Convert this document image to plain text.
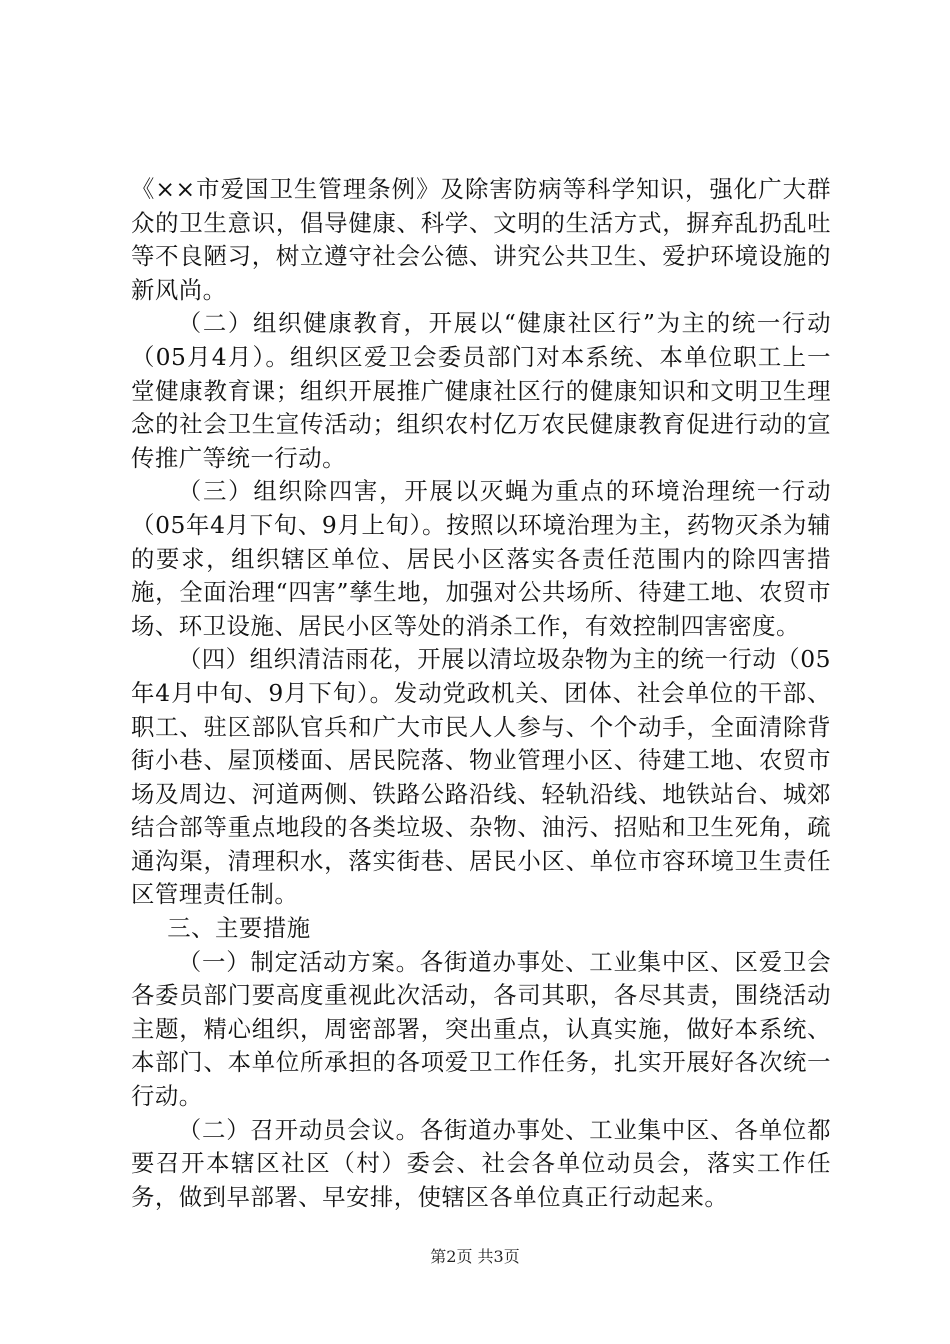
《××市爱国卫生管理条例》及除害防病等科学知识，强化广大群众的卫生意识，倡导健康、科学、文明的生活方式，摒弃乱扔乱吐等不良陋习，树立遵守社会公德、讲究公共卫生、爱护环境设施的新风尚。

（二）组织健康教育，开展以“健康社区行”为主的统一行动（05月4月）。组织区爱卫会委员部门对本系统、本单位职工上一堂健康教育课；组织开展推广健康社区行的健康知识和文明卫生理念的社会卫生宣传活动；组织农村亿万农民健康教育促进行动的宣传推广等统一行动。

（三）组织除四害，开展以灭蝇为重点的环境治理统一行动（05年4月下旬、9月上旬）。按照以环境治理为主，药物灭杀为辅的要求，组织辖区单位、居民小区落实各责任范围内的除四害措施，全面治理“四害”孳生地，加强对公共场所、待建工地、农贸市场、环卫设施、居民小区等处的消杀工作，有效控制四害密度。

（四）组织清洁雨花，开展以清垃圾杂物为主的统一行动（05年4月中旬、9月下旬）。发动党政机关、团体、社会单位的干部、职工、驻区部队官兵和广大市民人人参与、个个动手，全面清除背街小巷、屋顶楼面、居民院落、物业管理小区、待建工地、农贸市场及周边、河道两侧、铁路公路沿线、轻轨沿线、地铁站台、城郊结合部等重点地段的各类垃圾、杂物、油污、招贴和卫生死角，疏通沟渠，清理积水，落实街巷、居民小区、单位市容环境卫生责任区管理责任制。

三、主要措施

（一）制定活动方案。各街道办事处、工业集中区、区爱卫会各委员部门要高度重视此次活动，各司其职，各尽其责，围绕活动主题，精心组织，周密部署，突出重点，认真实施，做好本系统、本部门、本单位所承担的各项爱卫工作任务，扎实开展好各次统一行动。

（二）召开动员会议。各街道办事处、工业集中区、各单位都要召开本辖区社区（村）委会、社会各单位动员会，落实工作任务，做到早部署、早安排，使辖区各单位真正行动起来。

第2页 共3页
